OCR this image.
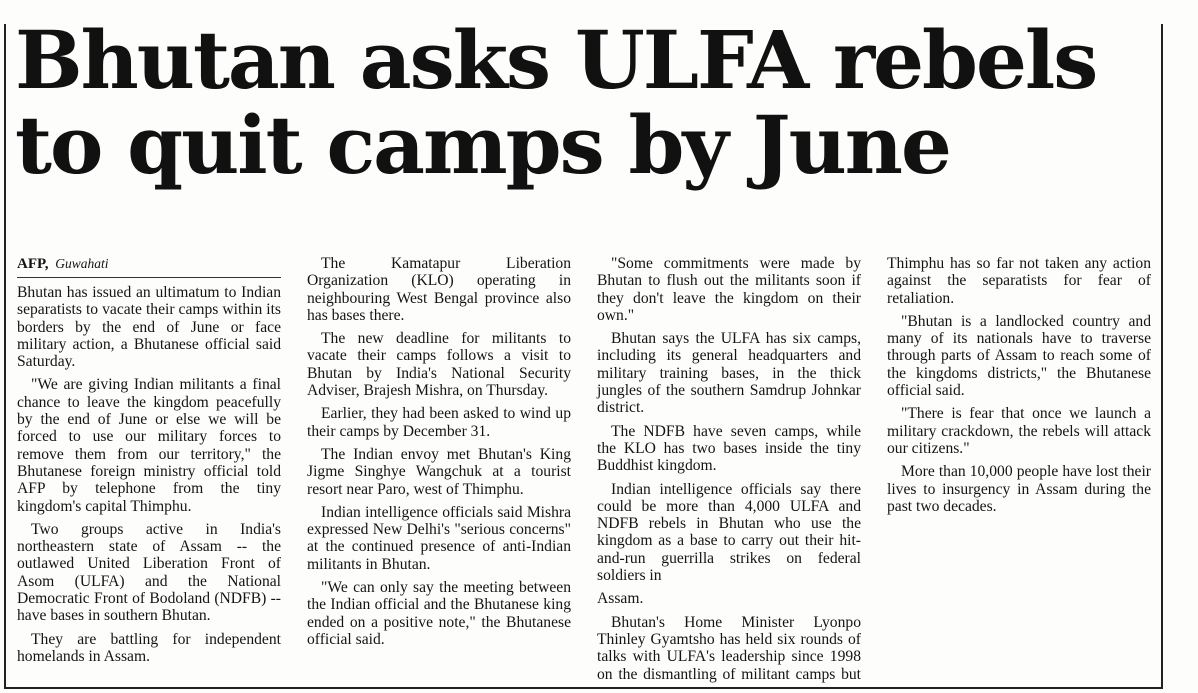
Bhutan asks ULFA rebels
to quit camps by June
AFP, Guwahati

Bhutan has issued an ultimatum to Indian separatists to vacate their camps within its borders by the end of June or face military action, a Bhutanese official said Saturday.

"We are giving Indian militants a final chance to leave the kingdom peacefully by the end of June or else we will be forced to use our military forces to remove them from our territory," the Bhutanese foreign ministry official told AFP by telephone from the tiny kingdom's capital Thimphu.

Two groups active in India's northeastern state of Assam -- the outlawed United Liberation Front of Asom (ULFA) and the National Democratic Front of Bodoland (NDFB) -- have bases in southern Bhutan.

They are battling for independent homelands in Assam.

The Kamatapur Liberation Organization (KLO) operating in neighbouring West Bengal province also has bases there.

The new deadline for militants to vacate their camps follows a visit to Bhutan by India's National Security Adviser, Brajesh Mishra, on Thursday.

Earlier, they had been asked to wind up their camps by December 31.

The Indian envoy met Bhutan's King Jigme Singhye Wangchuk at a tourist resort near Paro, west of Thimphu.

Indian intelligence officials said Mishra expressed New Delhi's "serious concerns" at the continued presence of anti-Indian militants in Bhutan.

"We can only say the meeting between the Indian official and the Bhutanese king ended on a positive note," the Bhutanese official said.

"Some commitments were made by Bhutan to flush out the militants soon if they don't leave the kingdom on their own."

Bhutan says the ULFA has six camps, including its general headquarters and military training bases, in the thick jungles of the southern Samdrup Johnkar district.

The NDFB have seven camps, while the KLO has two bases inside the tiny Buddhist kingdom.

Indian intelligence officials say there could be more than 4,000 ULFA and NDFB rebels in Bhutan who use the kingdom as a base to carry out their hit-and-run guerrilla strikes on federal soldiers in

Assam.

Bhutan's Home Minister Lyonpo Thinley Gyamtsho has held six rounds of talks with ULFA's leadership since 1998 on the dismantling of militant camps but Thimphu has so far not taken any action against the separatists for fear of retaliation.

"Bhutan is a landlocked country and many of its nationals have to traverse through parts of Assam to reach some of the kingdoms districts," the Bhutanese official said.

"There is fear that once we launch a military crackdown, the rebels will attack our citizens."

More than 10,000 people have lost their lives to insurgency in Assam during the past two decades.
